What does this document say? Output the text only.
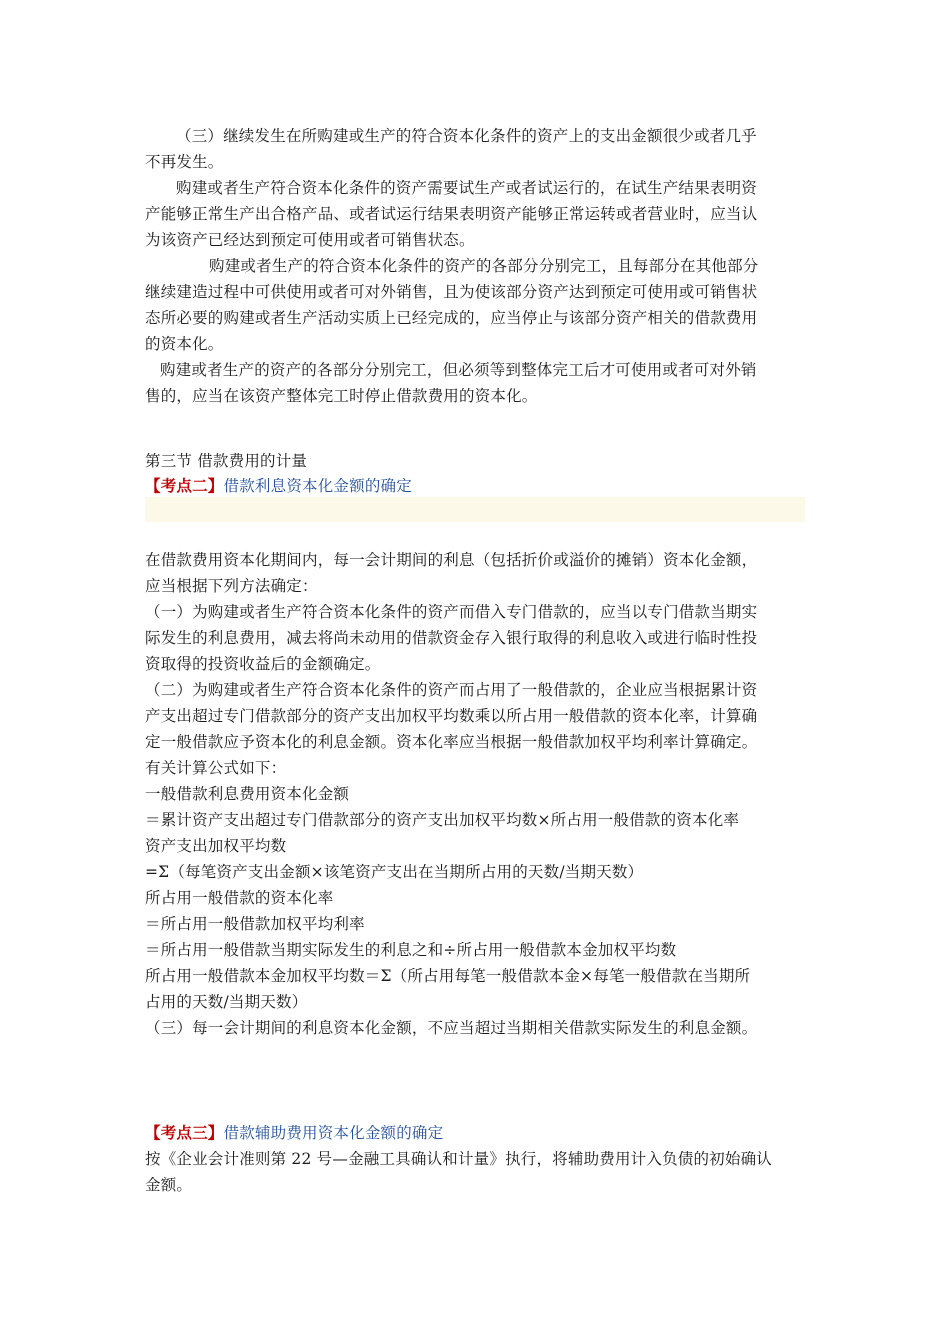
（三）继续发生在所购建或生产的符合资本化条件的资产上的支出金额很少或者几乎
不再发生。
购建或者生产符合资本化条件的资产需要试生产或者试运行的，在试生产结果表明资
产能够正常生产出合格产品、或者试运行结果表明资产能够正常运转或者营业时，应当认
为该资产已经达到预定可使用或者可销售状态。
购建或者生产的符合资本化条件的资产的各部分分别完工，且每部分在其他部分
继续建造过程中可供使用或者可对外销售，且为使该部分资产达到预定可使用或可销售状
态所必要的购建或者生产活动实质上已经完成的，应当停止与该部分资产相关的借款费用
的资本化。
购建或者生产的资产的各部分分别完工，但必须等到整体完工后才可使用或者可对外销
售的，应当在该资产整体完工时停止借款费用的资本化。
第三节 借款费用的计量
【考点二】借款利息资本化金额的确定
在借款费用资本化期间内，每一会计期间的利息（包括折价或溢价的摊销）资本化金额，
应当根据下列方法确定：
（一）为购建或者生产符合资本化条件的资产而借入专门借款的，应当以专门借款当期实
际发生的利息费用，减去将尚未动用的借款资金存入银行取得的利息收入或进行临时性投
资取得的投资收益后的金额确定。
（二）为购建或者生产符合资本化条件的资产而占用了一般借款的，企业应当根据累计资
产支出超过专门借款部分的资产支出加权平均数乘以所占用一般借款的资本化率，计算确
定一般借款应予资本化的利息金额。资本化率应当根据一般借款加权平均利率计算确定。
有关计算公式如下：
一般借款利息费用资本化金额
＝累计资产支出超过专门借款部分的资产支出加权平均数×所占用一般借款的资本化率
资产支出加权平均数
=Σ（每笔资产支出金额×该笔资产支出在当期所占用的天数/当期天数）
所占用一般借款的资本化率
＝所占用一般借款加权平均利率
＝所占用一般借款当期实际发生的利息之和÷所占用一般借款本金加权平均数
所占用一般借款本金加权平均数＝Σ（所占用每笔一般借款本金×每笔一般借款在当期所
占用的天数/当期天数）
（三）每一会计期间的利息资本化金额，不应当超过当期相关借款实际发生的利息金额。
【考点三】借款辅助费用资本化金额的确定
按《企业会计准则第 22 号—金融工具确认和计量》执行，将辅助费用计入负债的初始确认
金额。
